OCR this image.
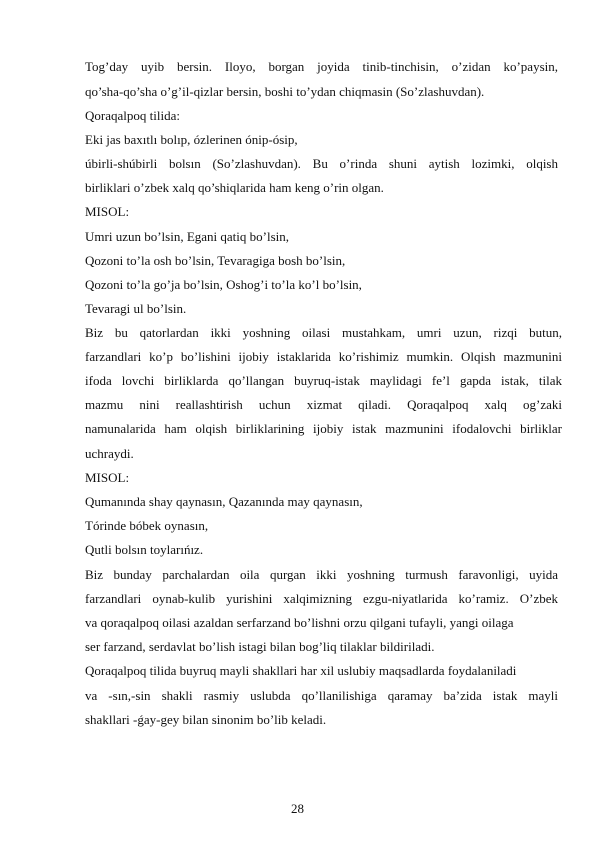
Tog’day uyib bersin. Iloyo, borgan joyida tinib-tinchisin, o’zidan ko’paysin,
qo’sha-qo’sha o’g’il-qizlar bersin, boshi to’ydan chiqmasin (So’zlashuvdan).
Qoraqalpoq tilida:
Eki jas baxıtlı bolıp, ózlerinen ónip-ósip,
úbirli-shúbirli bolsın (So’zlashuvdan). Bu o’rinda shuni aytish lozimki, olqish
birliklari o’zbek xalq qo’shiqlarida ham keng o’rin olgan.
MISOL:
Umri uzun bo’lsin, Egani qatiq bo’lsin,
Qozoni to’la osh bo’lsin, Tevaragiga bosh bo’lsin,
Qozoni to’la go’ja bo’lsin, Oshog’i to’la ko’l bo’lsin,
Tevaragi ul bo’lsin.
Biz bu qatorlardan ikki yoshning oilasi mustahkam, umri uzun, rizqi butun,
farzandlari ko’p bo’lishini ijobiy istaklarida ko’rishimiz mumkin. Olqish mazmunini
ifoda lovchi birliklarda qo’llangan buyruq-istak maylidagi fe’l gapda istak, tilak
mazmu nini reallashtirish uchun xizmat qiladi. Qoraqalpoq xalq og’zaki
namunalarida ham olqish birliklarining ijobiy istak mazmunini ifodalovchi birliklar
uchraydi.
MISOL:
Qumanında shay qaynasın, Qazanında may qaynasın,
Tórinde bóbek oynasın,
Qutli bolsın toylarıńız.
Biz bunday parchalardan oila qurgan ikki yoshning turmush faravonligi, uyida
farzandlari oynab-kulib yurishini xalqimizning ezgu-niyatlarida ko’ramiz. O’zbek
va qoraqalpoq oilasi azaldan serfarzand bo’lishni orzu qilgani tufayli, yangi oilaga
ser farzand, serdavlat bo’lish istagi bilan bog’liq tilaklar bildiriladi.
Qoraqalpoq tilida buyruq mayli shakllari har xil uslubiy maqsadlarda foydalaniladi
va -sın,-sin shakli rasmiy uslubda qo’llanilishiga qaramay ba’zida istak mayli
shakllari -ǵay-gey bilan sinonim bo’lib keladi.
28
